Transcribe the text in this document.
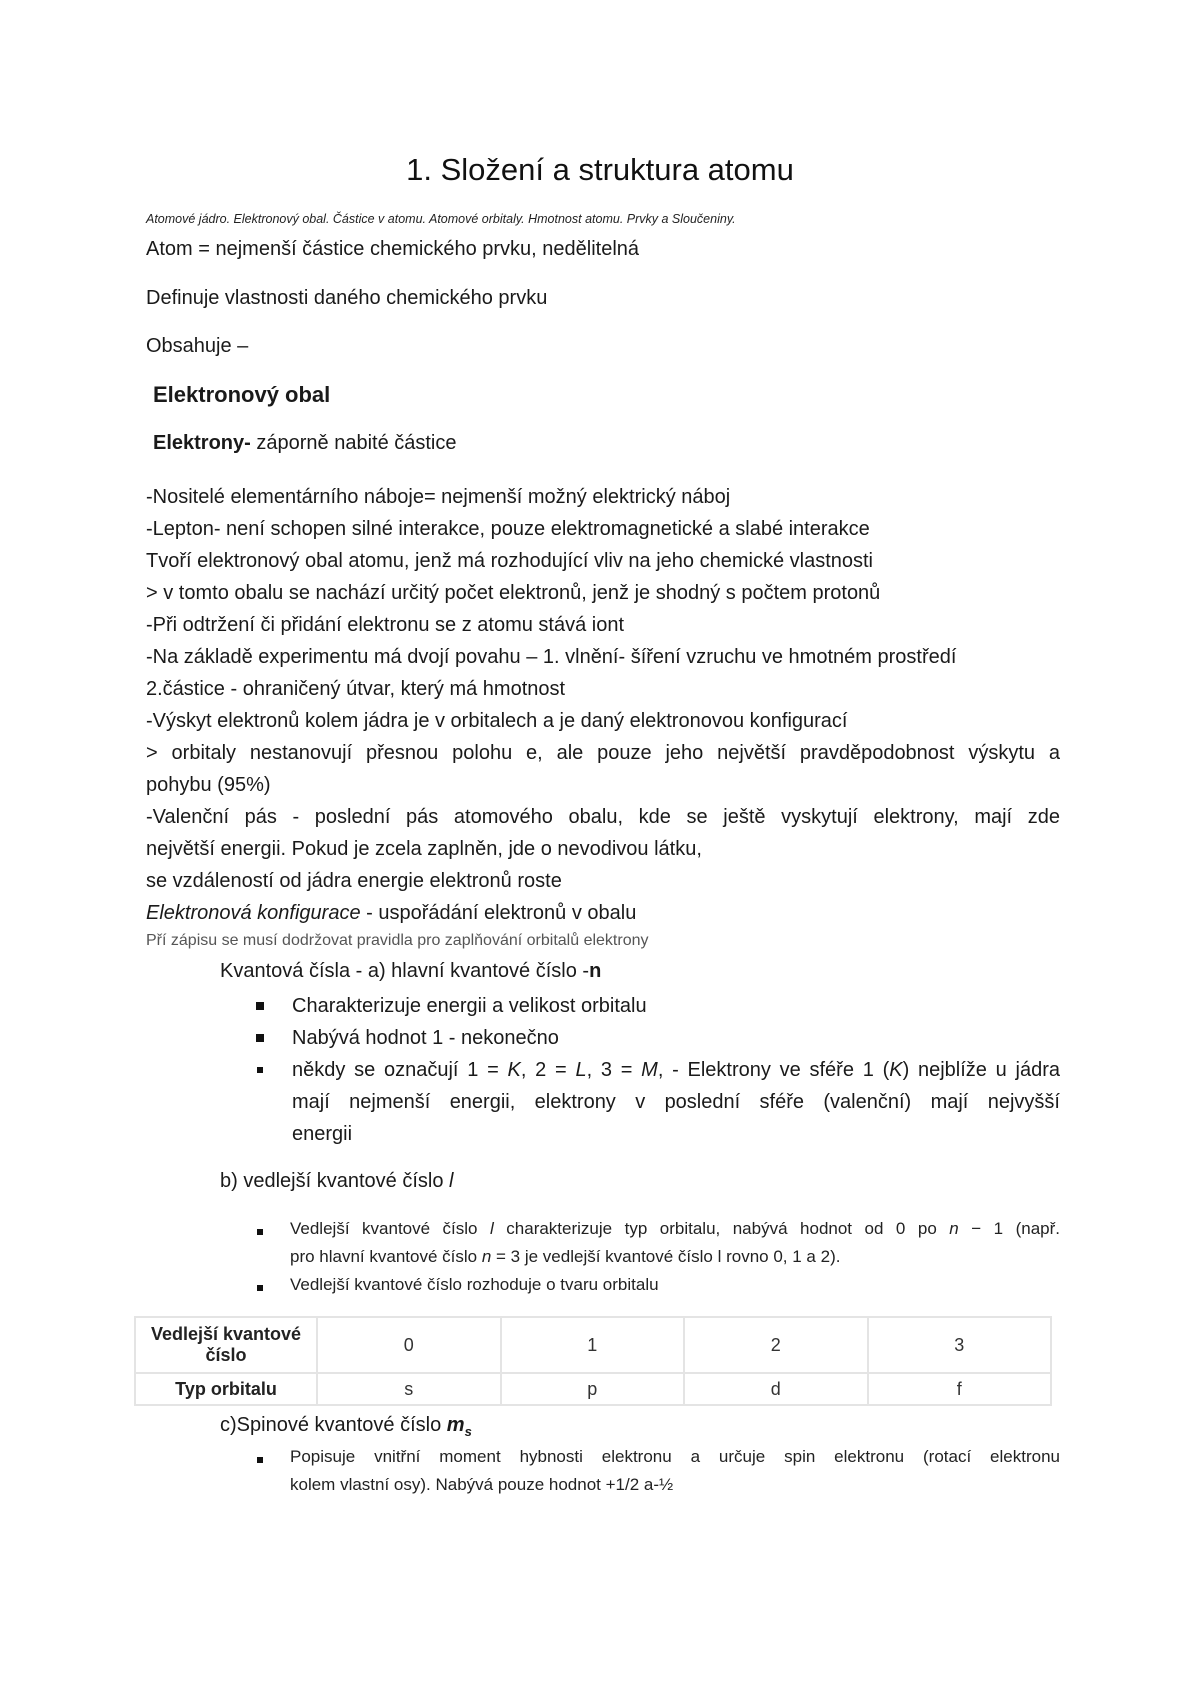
1. Složení a struktura atomu
Atomové jádro. Elektronový obal. Částice v atomu. Atomové orbitaly. Hmotnost atomu. Prvky a Sloučeniny.
Atom = nejmenší částice chemického prvku, nedělitelná
Definuje vlastnosti daného chemického prvku
Obsahuje –
Elektronový obal
Elektrony- záporně nabité částice
-Nositelé elementárního náboje= nejmenší možný elektrický náboj
-Lepton- není schopen silné interakce, pouze elektromagnetické a slabé interakce
Tvoří elektronový obal atomu, jenž má rozhodující vliv na jeho chemické vlastnosti
> v tomto obalu se nachází určitý počet elektronů, jenž je shodný s počtem protonů
-Při odtržení či přidání elektronu se z atomu stává iont
-Na základě experimentu má dvojí povahu – 1. vlnění- šíření vzruchu ve hmotném prostředí
2.částice - ohraničený útvar, který má hmotnost
-Výskyt elektronů kolem jádra je v orbitalech a je daný elektronovou konfigurací
> orbitaly nestanovují přesnou polohu e, ale pouze jeho největší pravděpodobnost výskytu a
pohybu (95%)
-Valenční pás - poslední pás atomového obalu, kde se ještě vyskytují elektrony, mají zde
největší energii. Pokud je zcela zaplněn, jde o nevodivou látku,
se vzdáleností od jádra energie elektronů roste
Elektronová konfigurace - uspořádání elektronů v obalu
Pří zápisu se musí dodržovat pravidla pro zaplňování orbitalů elektrony
Kvantová čísla - a) hlavní kvantové číslo -n
Charakterizuje energii a velikost orbitalu
Nabývá hodnot 1 - nekonečno
někdy se označují 1 = K, 2 = L, 3 = M, - Elektrony ve sféře 1 (K) nejblíže u jádra
mají nejmenší energii, elektrony v poslední sféře (valenční) mají nejvyšší
energii
b) vedlejší kvantové číslo l
Vedlejší kvantové číslo l charakterizuje typ orbitalu, nabývá hodnot od 0 po n − 1 (např.
pro hlavní kvantové číslo n = 3 je vedlejší kvantové číslo l rovno 0, 1 a 2).
Vedlejší kvantové číslo rozhoduje o tvaru orbitalu
Vedlejší kvantové číslo	0	1	2	3
Typ orbitalu	s	p	d	f
c)Spinové kvantové číslo $m_s$
Popisuje vnitřní moment hybnosti elektronu a určuje spin elektronu (rotací elektronu
kolem vlastní osy). Nabývá pouze hodnot +1/2 a-½
